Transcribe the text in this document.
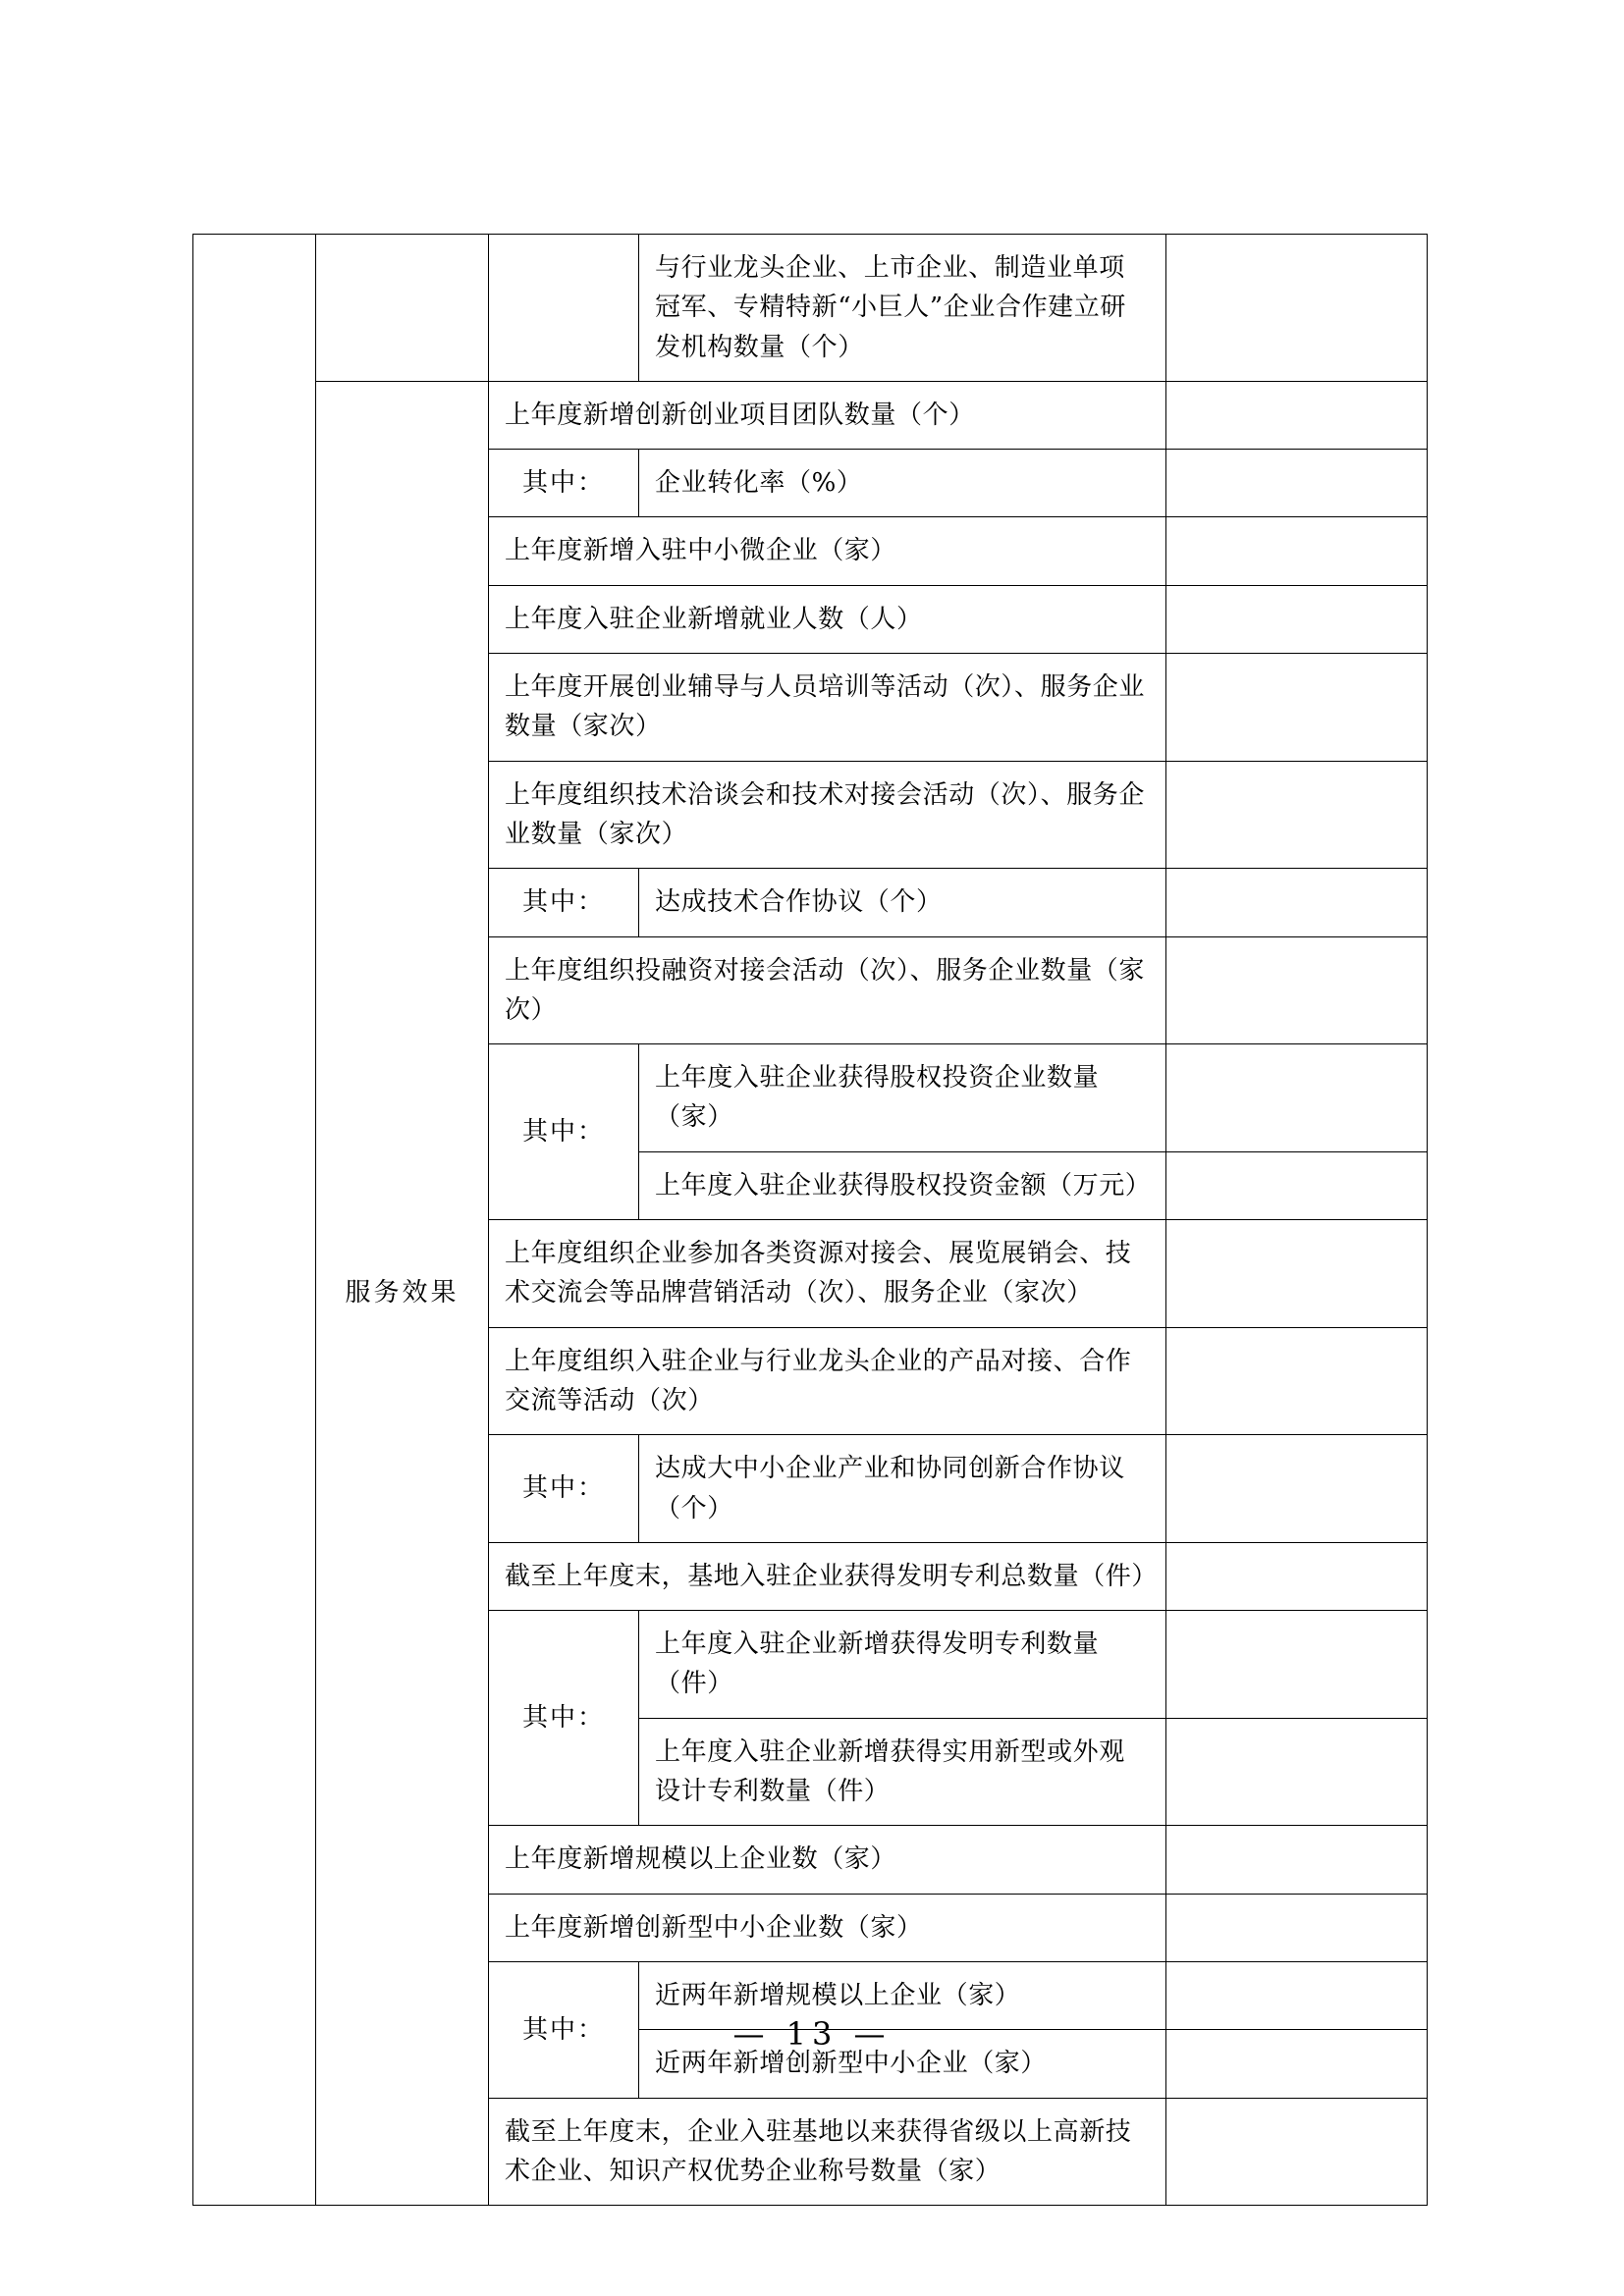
			与行业龙头企业、上市企业、制造业单项冠军、专精特新“小巨人”企业合作建立研发机构数量（个）	
	服务效果	上年度新增创新创业项目团队数量（个）		
		其中：	企业转化率（%）	
		上年度新增入驻中小微企业（家）		
		上年度入驻企业新增就业人数（人）		
		上年度开展创业辅导与人员培训等活动（次）、服务企业数量（家次）		
		上年度组织技术洽谈会和技术对接会活动（次）、服务企业数量（家次）		
		其中：	达成技术合作协议（个）	
		上年度组织投融资对接会活动（次）、服务企业数量（家次）		
		其中：	上年度入驻企业获得股权投资企业数量（家）	
			上年度入驻企业获得股权投资金额（万元）	
		上年度组织企业参加各类资源对接会、展览展销会、技术交流会等品牌营销活动（次）、服务企业（家次）		
		上年度组织入驻企业与行业龙头企业的产品对接、合作交流等活动（次）		
		其中：	达成大中小企业产业和协同创新合作协议（个）	
		截至上年度末，基地入驻企业获得发明专利总数量（件）		
		其中：	上年度入驻企业新增获得发明专利数量（件）	
			上年度入驻企业新增获得实用新型或外观设计专利数量（件）	
		上年度新增规模以上企业数（家）		
		上年度新增创新型中小企业数（家）		
		其中：	近两年新增规模以上企业（家）	
			近两年新增创新型中小企业（家）	
		截至上年度末，企业入驻基地以来获得省级以上高新技术企业、知识产权优势企业称号数量（家）		
— 13 —
